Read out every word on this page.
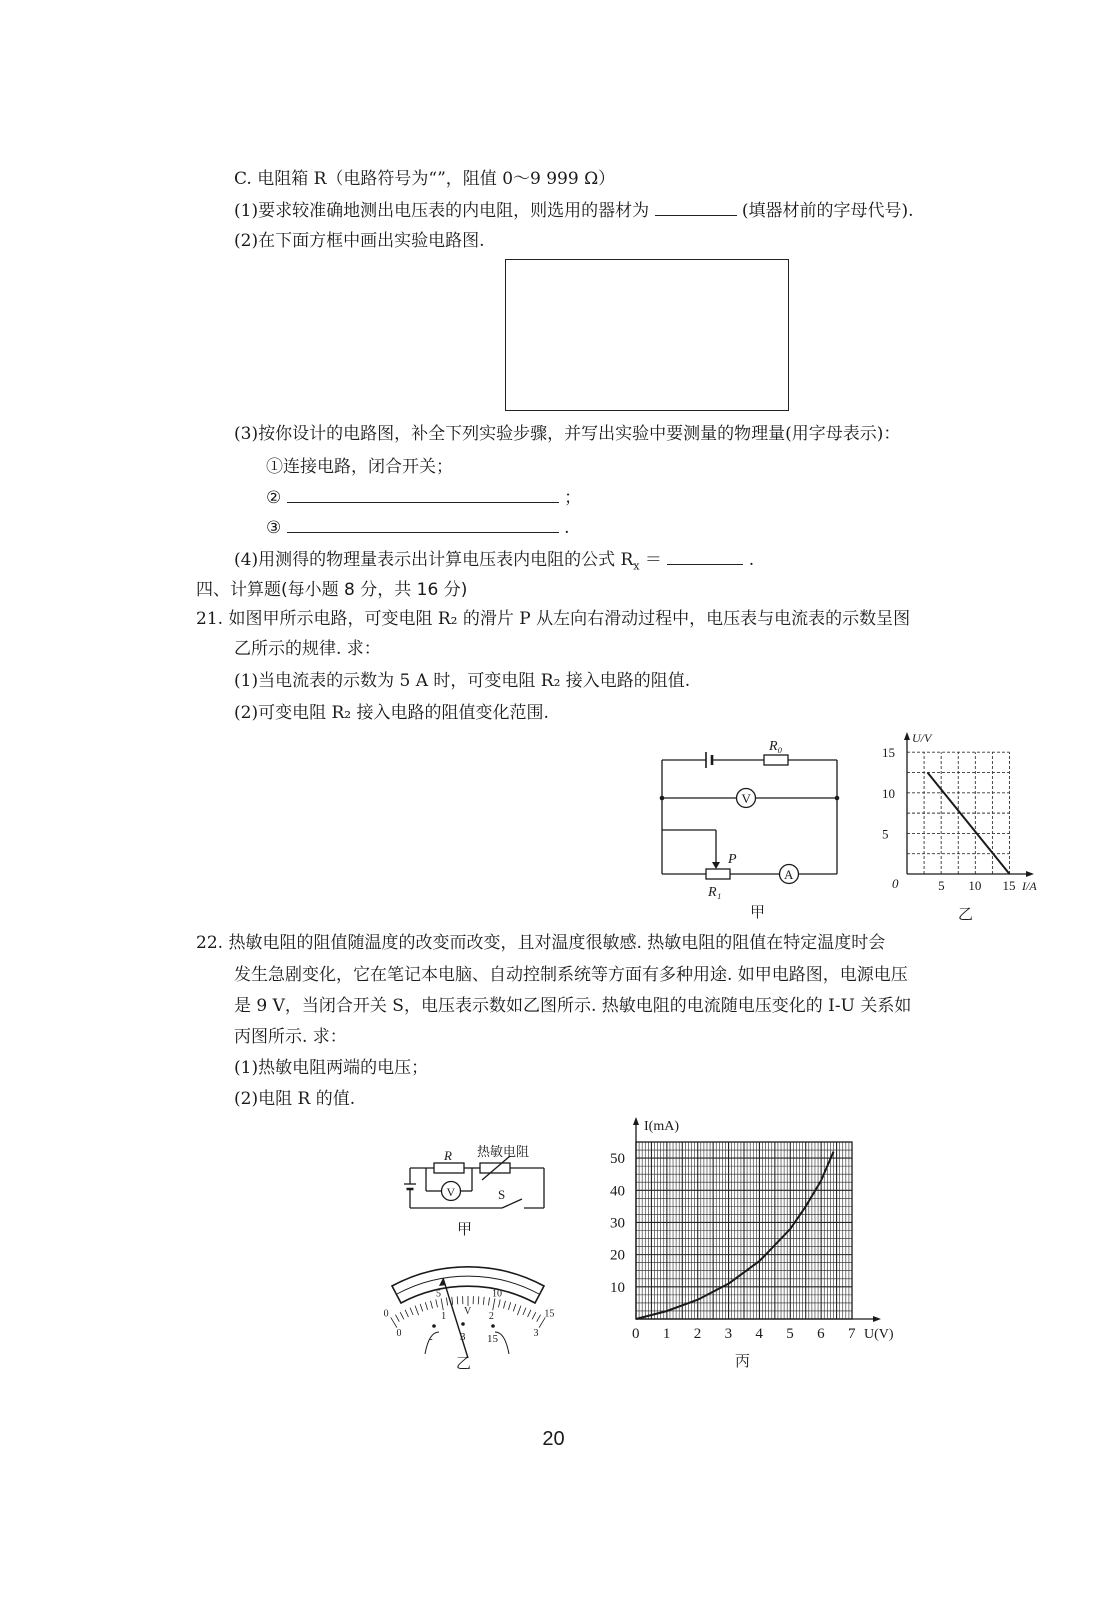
C. 电阻箱 R（电路符号为“”，阻值 0～9 999 Ω）
(1)要求较准确地测出电压表的内电阻，则选用的器材为	(填器材前的字母代号).
(2)在下面方框中画出实验电路图.
(3)按你设计的电路图，补全下列实验步骤，并写出实验中要测量的物理量(用字母表示)：
①连接电路，闭合开关；
②	；
③	.
(4)用测得的物理量表示出计算电压表内电阻的公式 $R_x$ ＝	.
四、计算题(每小题 8 分，共 16 分)
21. 如图甲所示电路，可变电阻 R₂ 的滑片 P 从左向右滑动过程中，电压表与电流表的示数呈图
乙所示的规律. 求：
(1)当电流表的示数为 5 A 时，可变电阻 R₂ 接入电路的阻值.
(2)可变电阻 R₂ 接入电路的阻值变化范围.
R₀
V
A
P
R₁
甲
5
10
15
5 10 15
U/V
I/A
0
乙
22. 热敏电阻的阻值随温度的改变而改变，且对温度很敏感. 热敏电阻的阻值在特定温度时会
发生急剧变化，它在笔记本电脑、自动控制系统等方面有多种用途. 如甲电路图，电源电压
是 9 V，当闭合开关 S，电压表示数如乙图所示. 热敏电阻的电流随电压变化的 I-U 关系如
丙图所示. 求：
(1)热敏电阻两端的电压；
(2)电阻 R 的值.
R 热敏电阻
V	S
甲
0
5	10
15
0
1	2
3
V
- 3 15
乙
10
20
30
40
50
0 1 2 3 4 5 6 7
I(mA)
U(V)
丙
20
